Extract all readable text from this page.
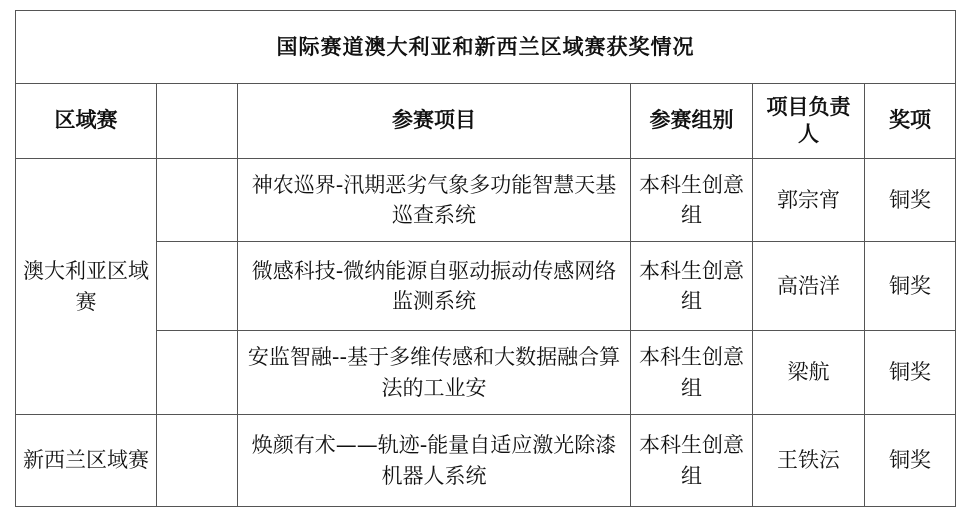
国际赛道澳大利亚和新西兰区域赛获奖情况					
区域赛		参赛项目	参赛组别	项目负责人	奖项
澳大利亚区域赛		神农巡界-汛期恶劣气象多功能智慧天基巡查系统	本科生创意组	郭宗宵	铜奖
		微感科技-微纳能源自驱动振动传感网络监测系统	本科生创意组	高浩洋	铜奖
		安监智融--基于多维传感和大数据融合算法的工业安	本科生创意组	梁航	铜奖
新西兰区域赛		焕颜有术——轨迹-能量自适应激光除漆机器人系统	本科生创意组	王铁沄	铜奖
